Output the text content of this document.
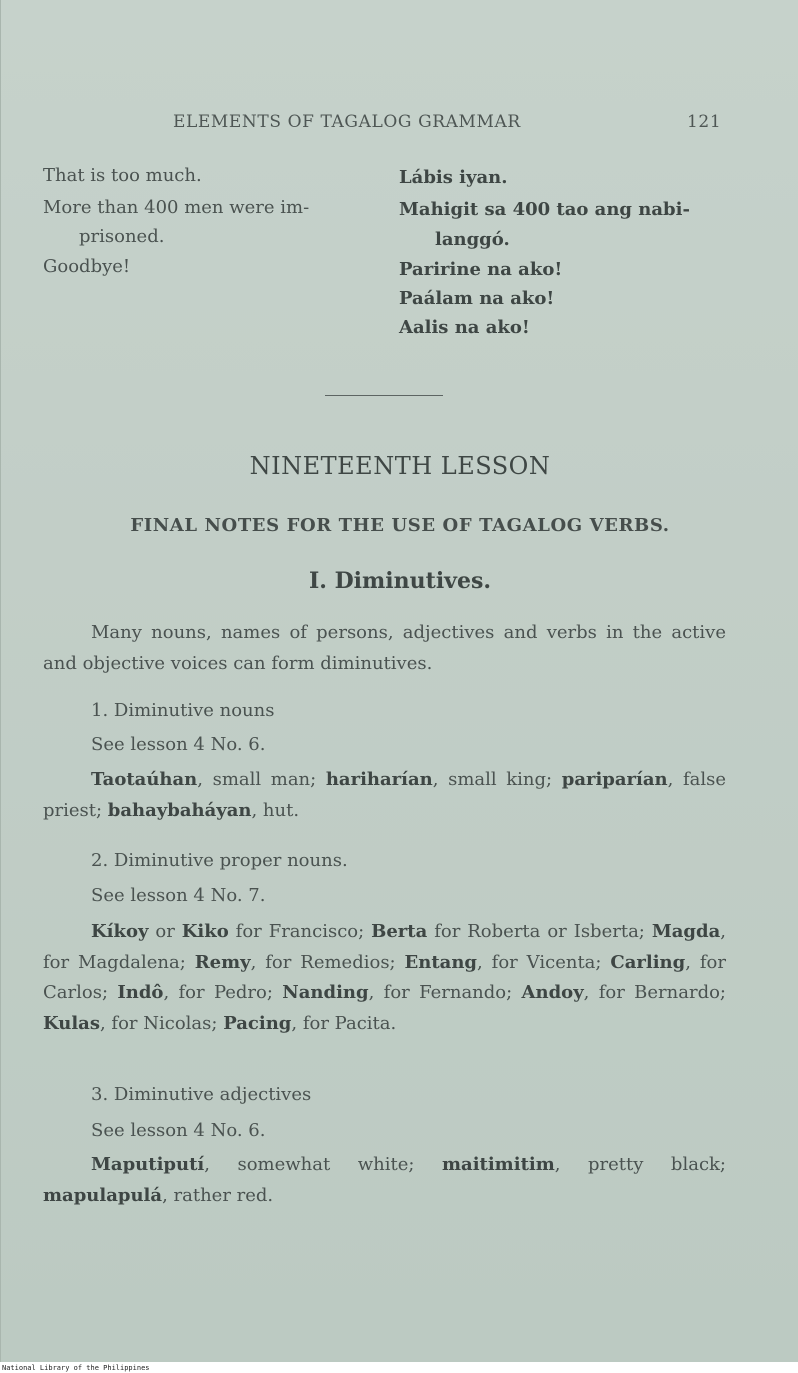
ELEMENTS OF TAGALOG GRAMMAR	121
That is too much.
More than 400 men were im-
prisoned.
Goodbye!
Lábis iyan.
Mahigit sa 400 tao ang nabi-
langgó.
Paririne na ako!
Paálam na ako!
Aalis na ako!
NINETEENTH LESSON
FINAL NOTES FOR THE USE OF TAGALOG VERBS.
I. Diminutives.
Many nouns, names of persons, adjectives and verbs in the active and objective voices can form diminutives.
1. Diminutive nouns
See lesson 4 No. 6.
Taotaúhan, small man; hariharían, small king; pariparían, false priest; bahaybaháyan, hut.
2. Diminutive proper nouns.
See lesson 4 No. 7.
Kíkoy or Kiko for Francisco; Berta for Roberta or Isberta; Magda, for Magdalena; Remy, for Remedios; Entang, for Vicenta; Carling, for Carlos; Indô, for Pedro; Nanding, for Fernando; Andoy, for Bernardo; Kulas, for Nicolas; Pacing, for Pacita.
3. Diminutive adjectives
See lesson 4 No. 6.
Maputiputí, somewhat white; maitimitim, pretty black; mapulapulá, rather red.
National Library of the Philippines
